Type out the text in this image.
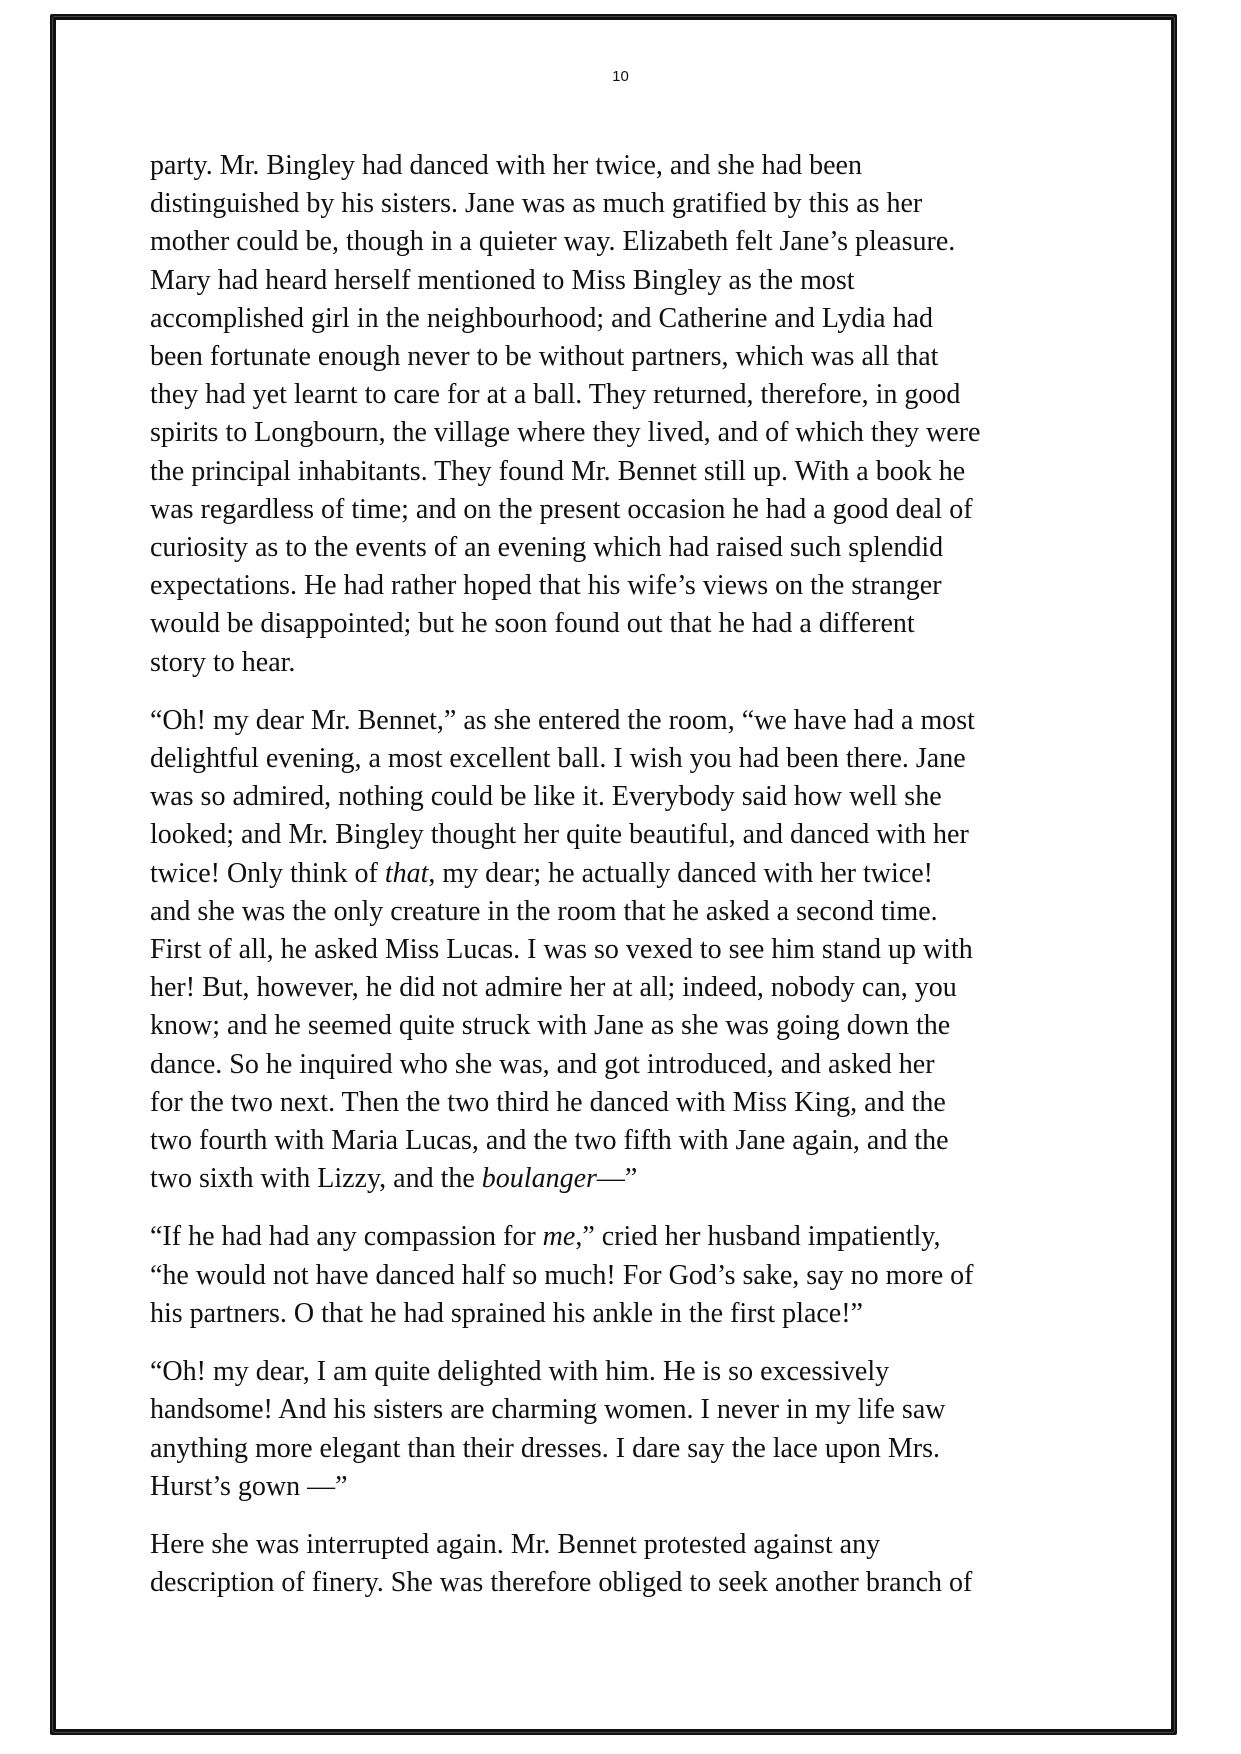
10

party. Mr. Bingley had danced with her twice, and she had been
distinguished by his sisters. Jane was as much gratified by this as her
mother could be, though in a quieter way. Elizabeth felt Jane’s pleasure.
Mary had heard herself mentioned to Miss Bingley as the most
accomplished girl in the neighbourhood; and Catherine and Lydia had
been fortunate enough never to be without partners, which was all that
they had yet learnt to care for at a ball. They returned, therefore, in good
spirits to Longbourn, the village where they lived, and of which they were
the principal inhabitants. They found Mr. Bennet still up. With a book he
was regardless of time; and on the present occasion he had a good deal of
curiosity as to the events of an evening which had raised such splendid
expectations. He had rather hoped that his wife’s views on the stranger
would be disappointed; but he soon found out that he had a different
story to hear.

“Oh! my dear Mr. Bennet,” as she entered the room, “we have had a most
delightful evening, a most excellent ball. I wish you had been there. Jane
was so admired, nothing could be like it. Everybody said how well she
looked; and Mr. Bingley thought her quite beautiful, and danced with her
twice! Only think of that, my dear; he actually danced with her twice!
and she was the only creature in the room that he asked a second time.
First of all, he asked Miss Lucas. I was so vexed to see him stand up with
her! But, however, he did not admire her at all; indeed, nobody can, you
know; and he seemed quite struck with Jane as she was going down the
dance. So he inquired who she was, and got introduced, and asked her
for the two next. Then the two third he danced with Miss King, and the
two fourth with Maria Lucas, and the two fifth with Jane again, and the
two sixth with Lizzy, and the boulanger—”

“If he had had any compassion for me,” cried her husband impatiently,
“he would not have danced half so much! For God’s sake, say no more of
his partners. O that he had sprained his ankle in the first place!”

“Oh! my dear, I am quite delighted with him. He is so excessively
handsome! And his sisters are charming women. I never in my life saw
anything more elegant than their dresses. I dare say the lace upon Mrs.
Hurst’s gown —”

Here she was interrupted again. Mr. Bennet protested against any
description of finery. She was therefore obliged to seek another branch of
